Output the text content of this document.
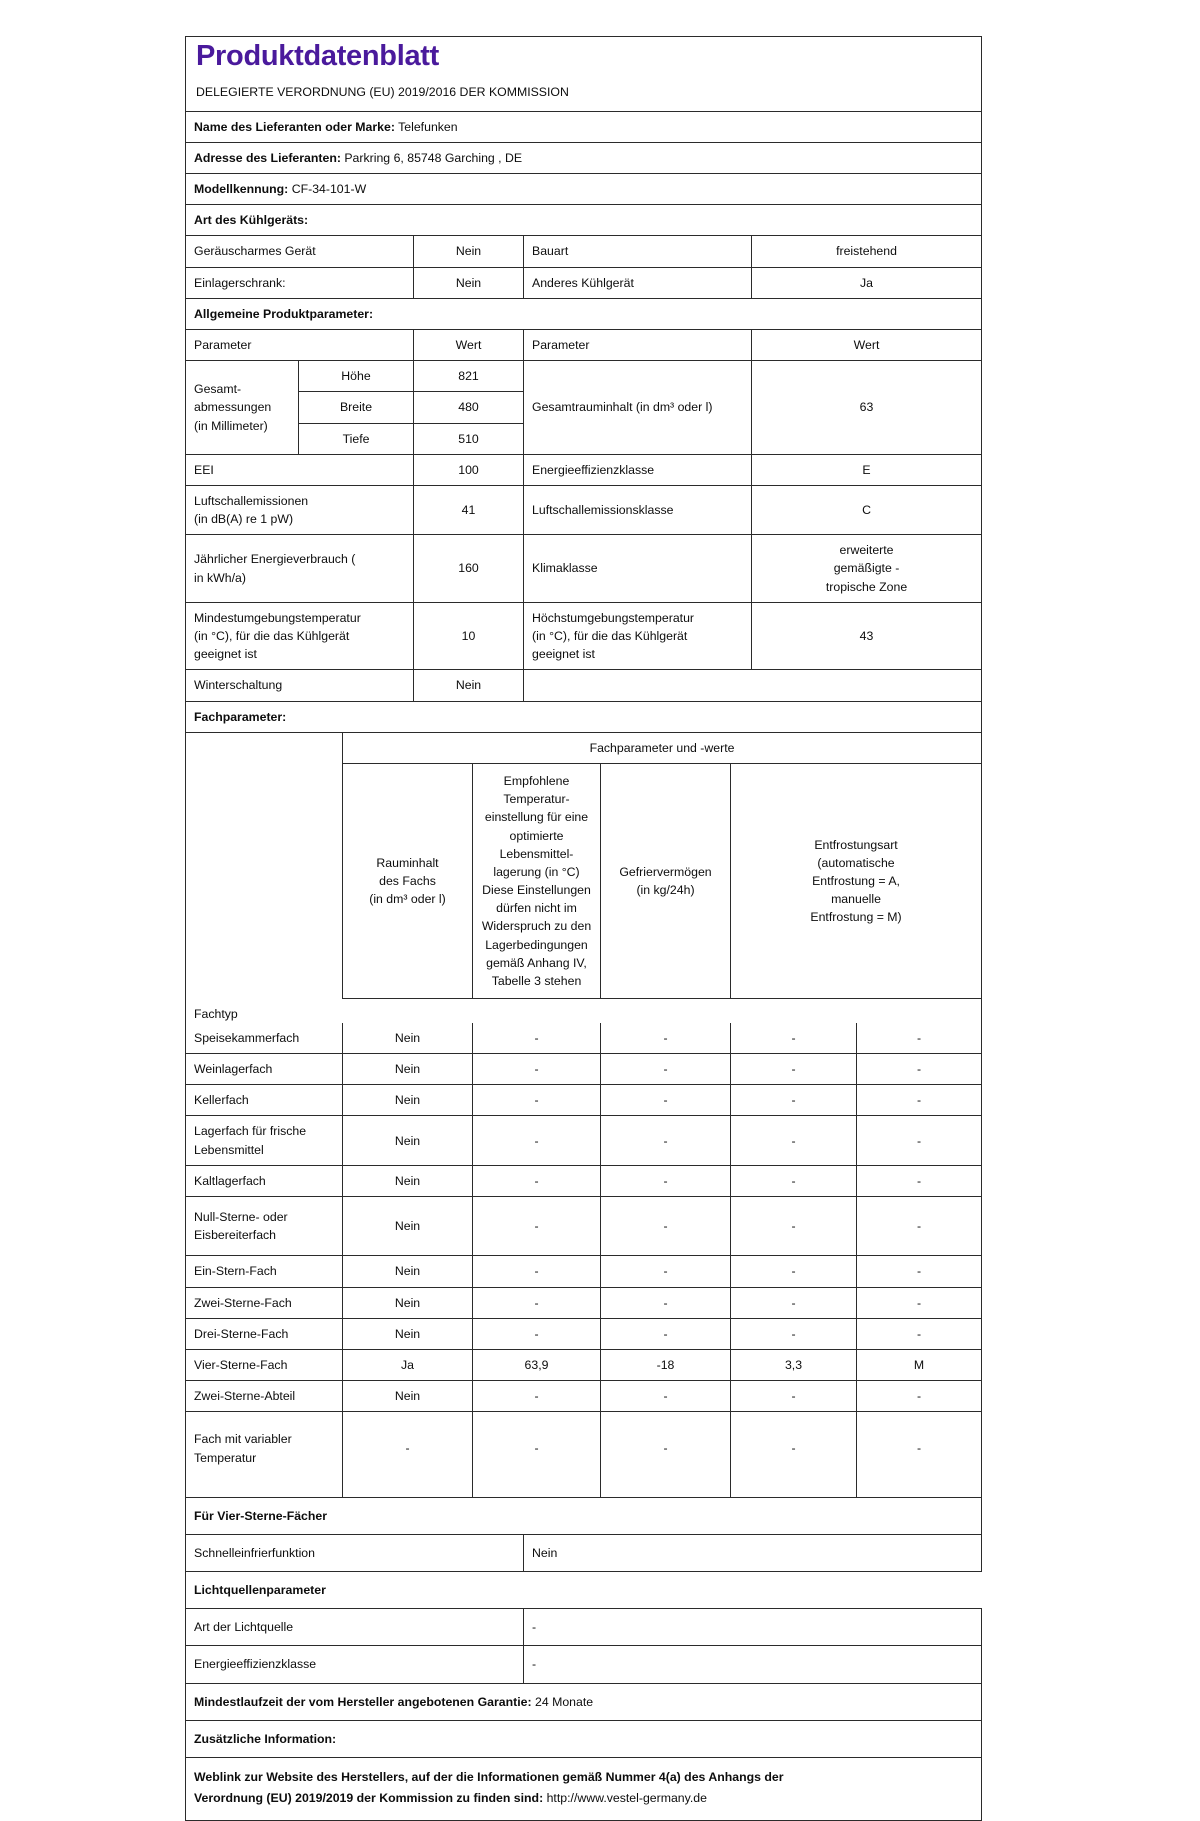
Produktdatenblatt
DELEGIERTE VERORDNUNG (EU) 2019/2016 DER KOMMISSION

Name des Lieferanten oder Marke: Telefunken
Adresse des Lieferanten: Parkring 6, 85748 Garching , DE
Modellkennung: CF-34-101-W
Art des Kühlgeräts:
Geräuscharmes Gerät	Nein	Bauart	freistehend
Einlagerschrank:	Nein	Anderes Kühlgerät	Ja
Allgemeine Produktparameter:
Parameter		Wert	Parameter	Wert

Gesamt-
abmessungen
(in Millimeter)	Höhe	821	Gesamtrauminhalt (in dm³ oder l)	63
	Breite	480		
	Tiefe	510		
EEI		100	Energieeffizienzklasse	E

Luftschallemissionen
(in dB(A) re 1 pW)		41	Luftschallemissionsklasse	C

Jährlicher Energieverbrauch (
in kWh/a)		160	Klimaklasse	erweiterte
gemäßigte -
tropische Zone

Mindestumgebungstemperatur
(in °C), für die das Kühlgerät
geeignet ist		10	Höchstumgebungstemperatur
(in °C), für die das Kühlgerät
geeignet ist	43
Winterschaltung		Nein		
Fachparameter:
	Fachparameter und -werte				

Rauminhalt
des Fachs
(in dm³ oder l)

Empfohlene
Temperatur-
einstellung für eine
optimierte
Lebensmittel-
lagerung (in °C)
Diese Einstellungen
dürfen nicht im
Widerspruch zu den
Lagerbedingungen
gemäß Anhang IV,
Tabelle 3 stehen

Gefriervermögen
(in kg/24h)

Entfrostungsart
(automatische
Entfrostung = A,
manuelle
Entfrostung = M)

Fachtyp					
Speisekammerfach	Nein	-	-	-	-
Weinlagerfach	Nein	-	-	-	-
Kellerfach	Nein	-	-	-	-
Lagerfach für frische Lebensmittel	Nein	-	-	-	-
Kaltlagerfach	Nein	-	-	-	-
Null-Sterne- oder Eisbereiterfach	Nein	-	-	-	-
Ein-Stern-Fach	Nein	-	-	-	-
Zwei-Sterne-Fach	Nein	-	-	-	-
Drei-Sterne-Fach	Nein	-	-	-	-
Vier-Sterne-Fach	Ja	63,9	-18	3,3	M
Zwei-Sterne-Abteil	Nein	-	-	-	-
Fach mit variabler Temperatur	-	-	-	-	-
Für Vier-Sterne-Fächer
Schnelleinfrierfunktion	Nein
Lichtquellenparameter	
Art der Lichtquelle	-
Energieeffizienzklasse	-
Mindestlaufzeit der vom Hersteller angebotenen Garantie: 24 Monate	
Zusätzliche Information:	

Weblink zur Website des Herstellers, auf der die Informationen gemäß Nummer 4(a) des Anhangs der
Verordnung (EU) 2019/2019 der Kommission zu finden sind: http://www.vestel-germany.de	
